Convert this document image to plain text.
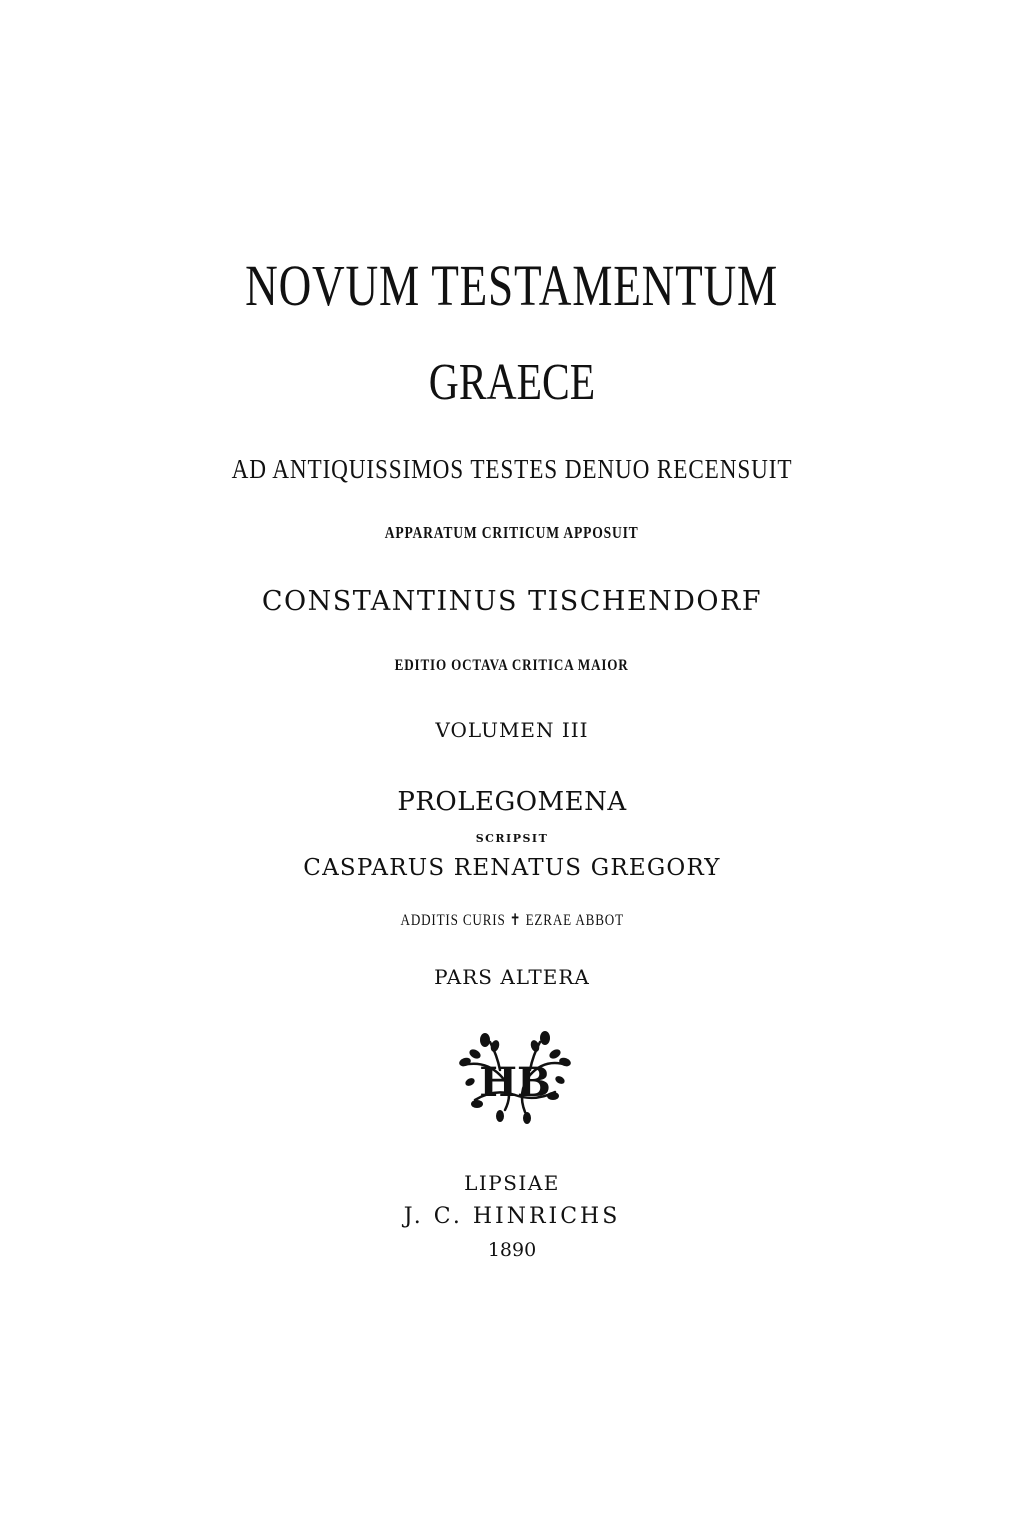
NOVUM TESTAMENTUM
GRAECE
AD ANTIQUISSIMOS TESTES DENUO RECENSUIT
APPARATUM CRITICUM APPOSUIT
CONSTANTINUS TISCHENDORF
EDITIO OCTAVA CRITICA MAIOR
VOLUMEN III
PROLEGOMENA
SCRIPSIT
CASPARUS RENATUS GREGORY
ADDITIS CURIS ✝ EZRAE ABBOT
PARS ALTERA
HB
LIPSIAE
J. C. HINRICHS
1890
